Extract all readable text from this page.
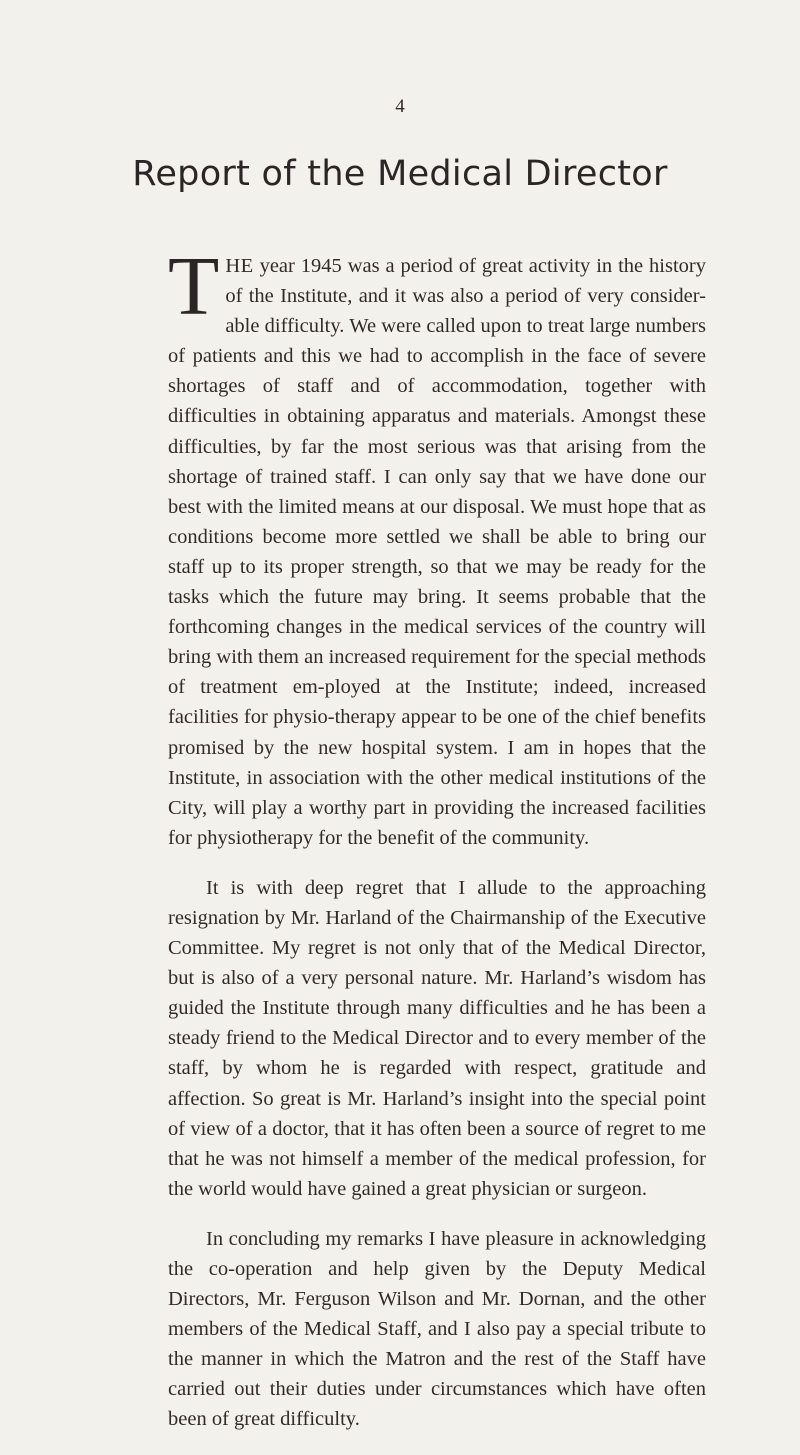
4
Report of the Medical Director

THE year 1945 was a period of great activity in the history of the Institute, and it was also a period of very consider-able difficulty. We were called upon to treat large numbers of patients and this we had to accomplish in the face of severe shortages of staff and of accommodation, together with difficulties in obtaining apparatus and materials. Amongst these difficulties, by far the most serious was that arising from the shortage of trained staff. I can only say that we have done our best with the limited means at our disposal. We must hope that as conditions become more settled we shall be able to bring our staff up to its proper strength, so that we may be ready for the tasks which the future may bring. It seems probable that the forthcoming changes in the medical services of the country will bring with them an increased requirement for the special methods of treatment em-ployed at the Institute; indeed, increased facilities for physio-therapy appear to be one of the chief benefits promised by the new hospital system. I am in hopes that the Institute, in association with the other medical institutions of the City, will play a worthy part in providing the increased facilities for physiotherapy for the benefit of the community.

It is with deep regret that I allude to the approaching resignation by Mr. Harland of the Chairmanship of the Executive Committee. My regret is not only that of the Medical Director, but is also of a very personal nature. Mr. Harland’s wisdom has guided the Institute through many difficulties and he has been a steady friend to the Medical Director and to every member of the staff, by whom he is regarded with respect, gratitude and affection. So great is Mr. Harland’s insight into the special point of view of a doctor, that it has often been a source of regret to me that he was not himself a member of the medical profession, for the world would have gained a great physician or surgeon.

In concluding my remarks I have pleasure in acknowledging the co-operation and help given by the Deputy Medical Directors, Mr. Ferguson Wilson and Mr. Dornan, and the other members of the Medical Staff, and I also pay a special tribute to the manner in which the Matron and the rest of the Staff have carried out their duties under circumstances which have often been of great difficulty.
